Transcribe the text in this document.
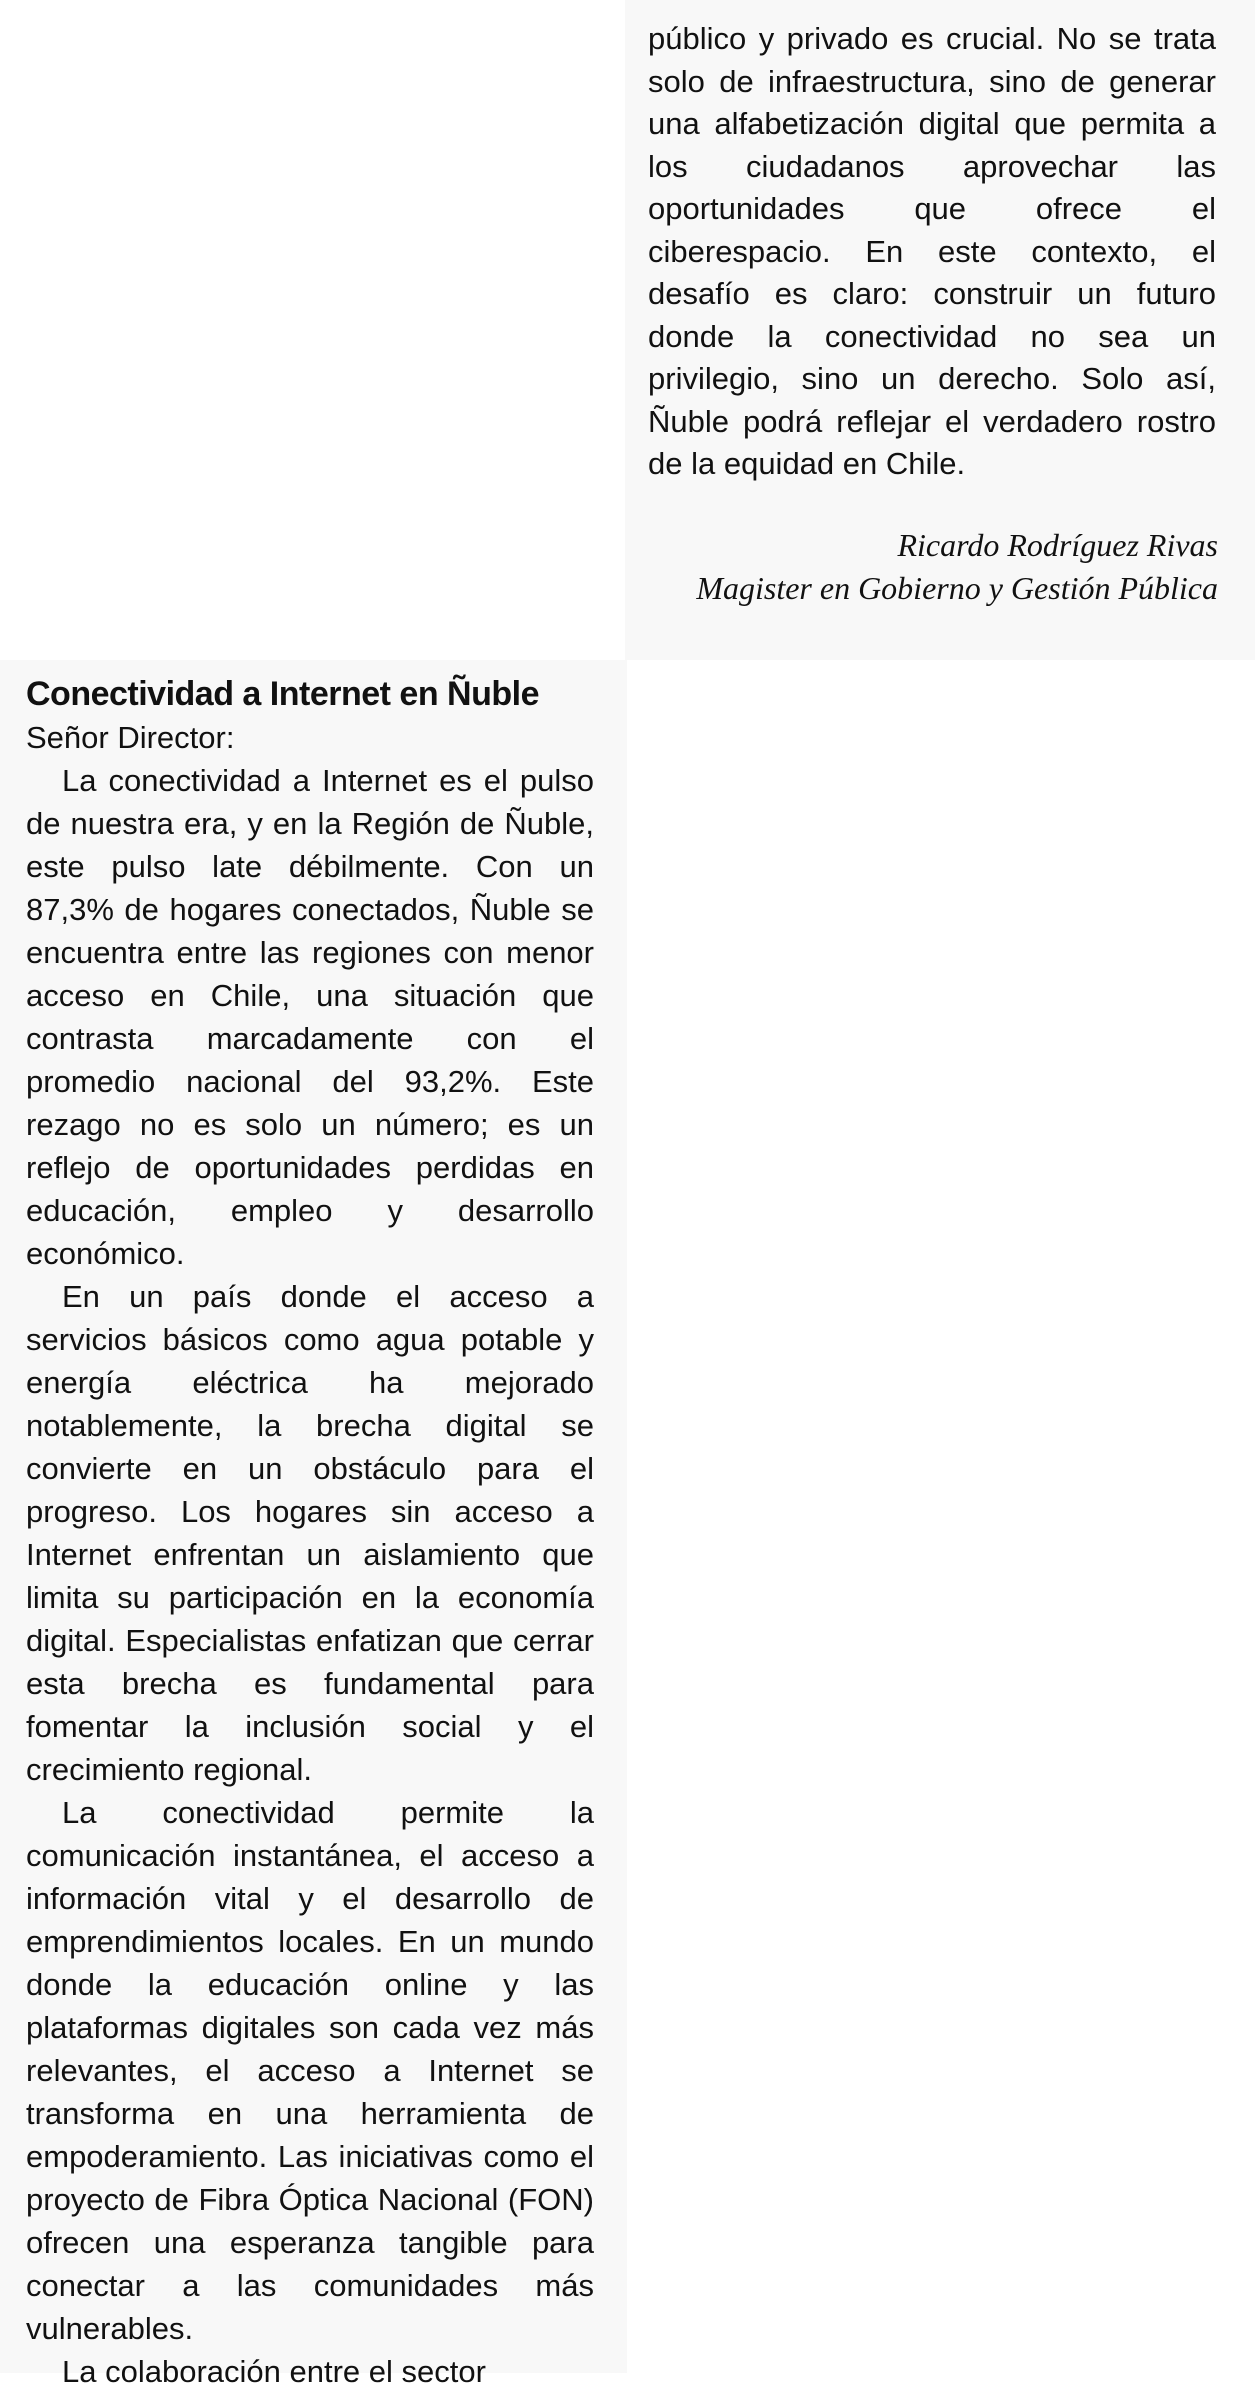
público y privado es crucial. No se trata solo de infraestructura, sino de generar una alfabetización digital que permita a los ciudadanos aprovechar las oportunidades que ofrece el ciberespacio. En este contexto, el desafío es claro: construir un futuro donde la conectividad no sea un privilegio, sino un derecho. Solo así, Ñuble podrá reflejar el verdadero rostro de la equidad en Chile.

Ricardo Rodríguez Rivas
Magister en Gobierno y Gestión Pública
Conectividad a Internet en Ñuble

Señor Director:

La conectividad a Internet es el pulso de nuestra era, y en la Región de Ñuble, este pulso late débilmente. Con un 87,3% de hogares conectados, Ñuble se encuentra entre las regiones con menor acceso en Chile, una situación que contrasta marcadamente con el promedio nacional del 93,2%. Este rezago no es solo un número; es un reflejo de oportunidades perdidas en educación, empleo y desarrollo económico.

En un país donde el acceso a servicios básicos como agua potable y energía eléctrica ha mejorado notablemente, la brecha digital se convierte en un obstáculo para el progreso. Los hogares sin acceso a Internet enfrentan un aislamiento que limita su participación en la economía digital. Especialistas enfatizan que cerrar esta brecha es fundamental para fomentar la inclusión social y el crecimiento regional.

La conectividad permite la comunicación instantánea, el acceso a información vital y el desarrollo de emprendimientos locales. En un mundo donde la educación online y las plataformas digitales son cada vez más relevantes, el acceso a Internet se transforma en una herramienta de empoderamiento. Las iniciativas como el proyecto de Fibra Óptica Nacional (FON) ofrecen una esperanza tangible para conectar a las comunidades más vulnerables.

La colaboración entre el sector
